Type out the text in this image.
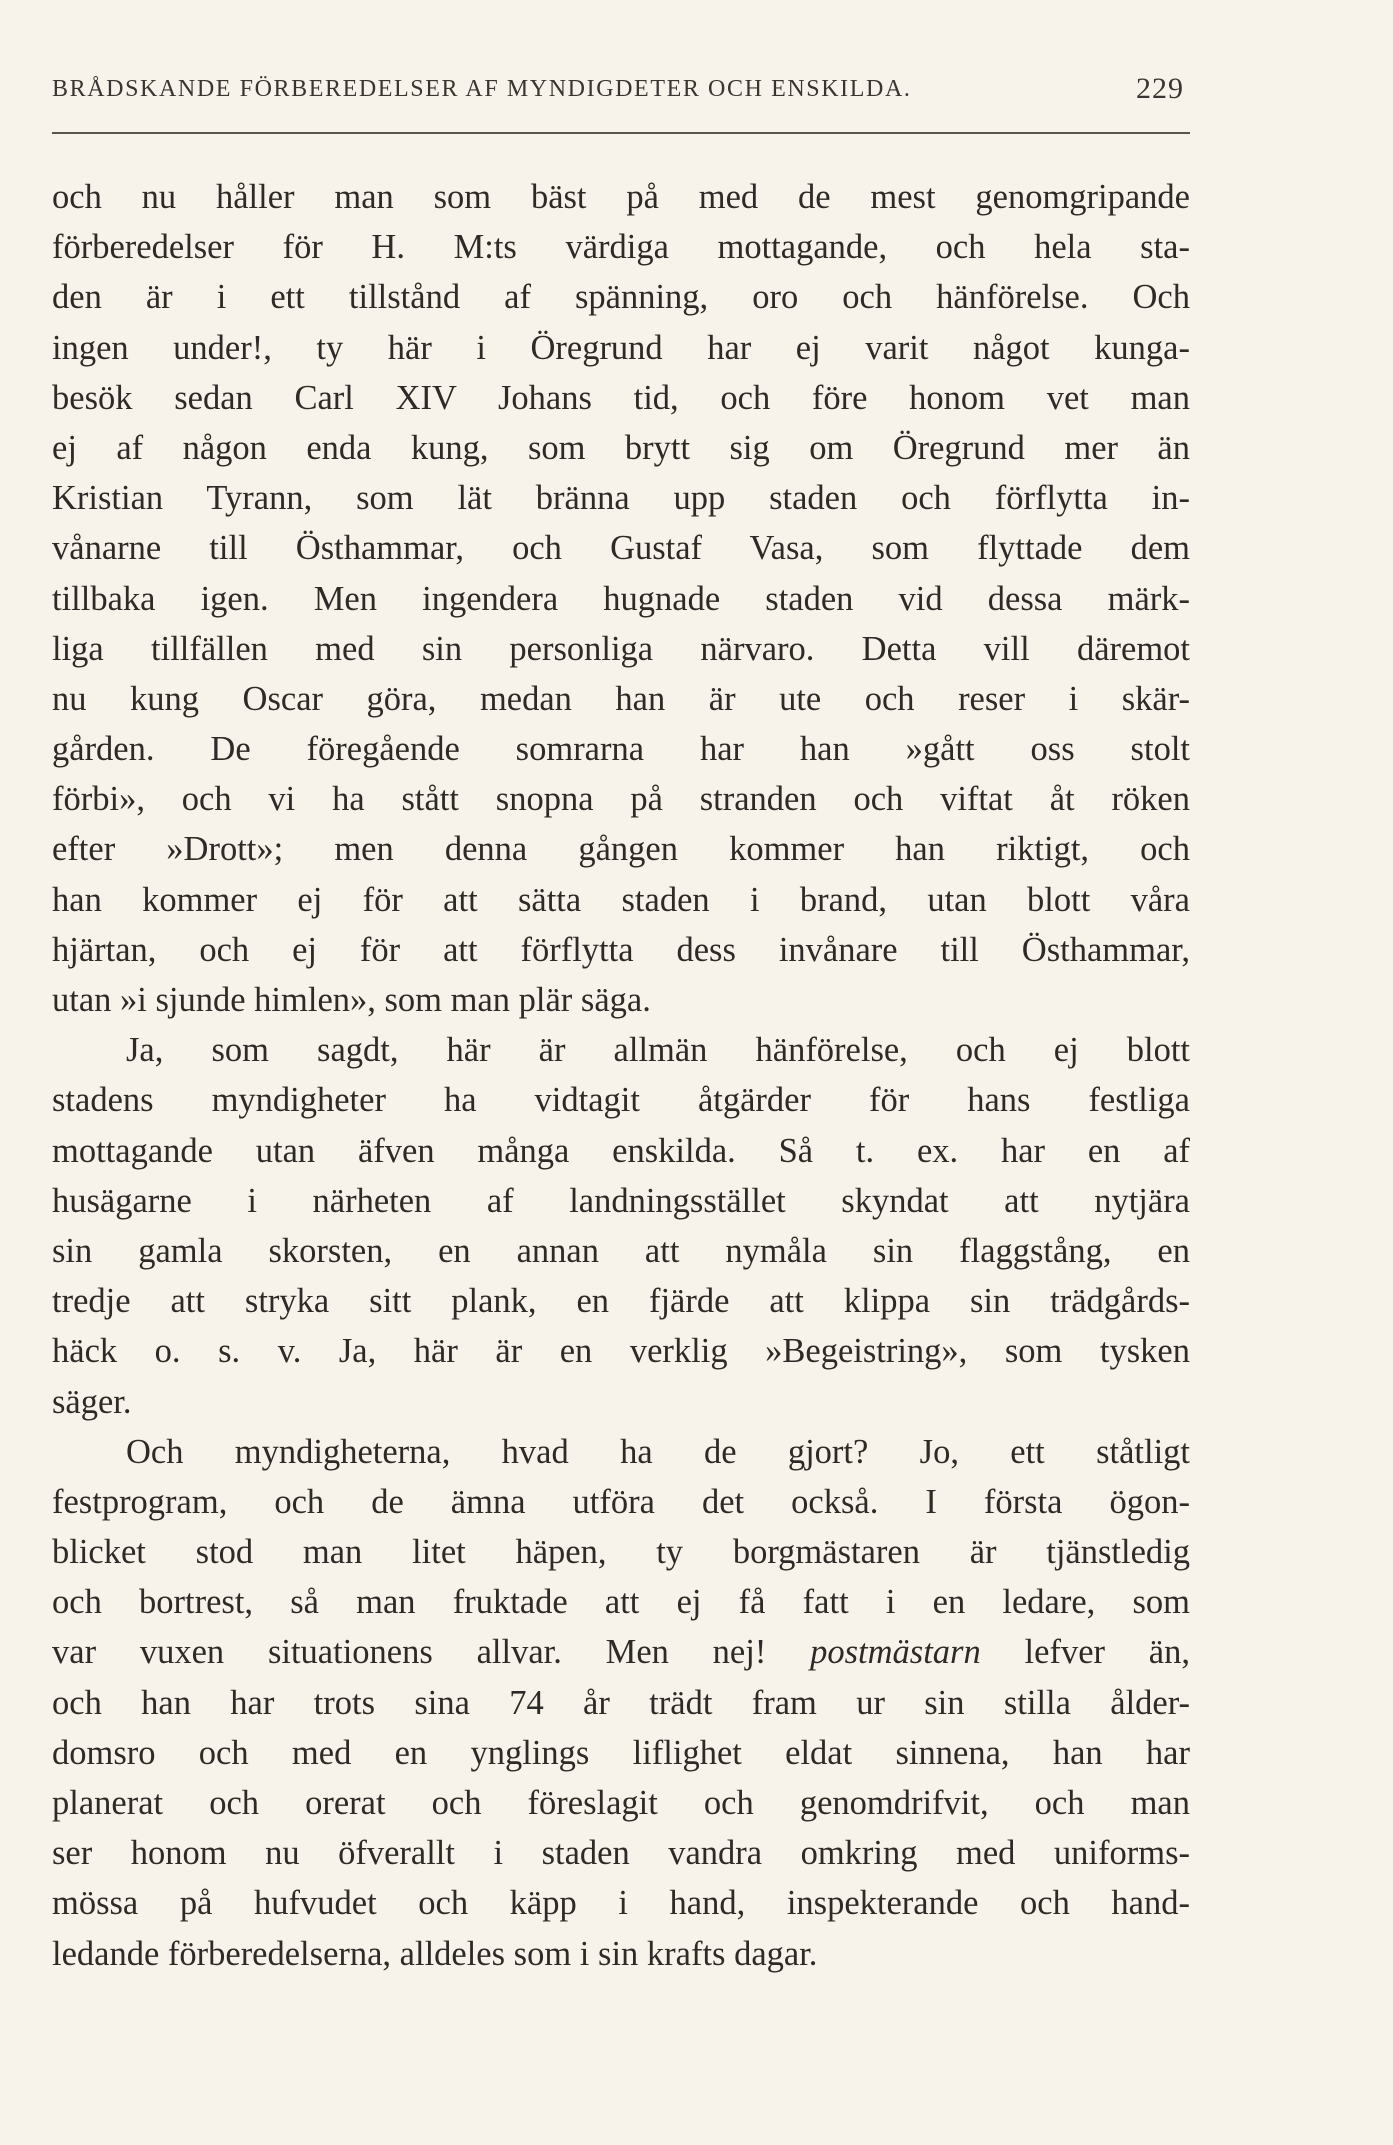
BRÅDSKANDE FÖRBEREDELSER AF MYNDIGDETER OCH ENSKILDA.	229
och nu håller man som bäst på med de mest genomgripande
förberedelser för H. M:ts värdiga mottagande, och hela sta-
den är i ett tillstånd af spänning, oro och hänförelse. Och
ingen under!, ty här i Öregrund har ej varit något kunga-
besök sedan Carl XIV Johans tid, och före honom vet man
ej af någon enda kung, som brytt sig om Öregrund mer än
Kristian Tyrann, som lät bränna upp staden och förflytta in-
vånarne till Östhammar, och Gustaf Vasa, som flyttade dem
tillbaka igen. Men ingendera hugnade staden vid dessa märk-
liga tillfällen med sin personliga närvaro. Detta vill däremot
nu kung Oscar göra, medan han är ute och reser i skär-
gården. De föregående somrarna har han »gått oss stolt
förbi», och vi ha stått snopna på stranden och viftat åt röken
efter »Drott»; men denna gången kommer han riktigt, och
han kommer ej för att sätta staden i brand, utan blott våra
hjärtan, och ej för att förflytta dess invånare till Östhammar,
utan »i sjunde himlen», som man plär säga.
Ja, som sagdt, här är allmän hänförelse, och ej blott
stadens myndigheter ha vidtagit åtgärder för hans festliga
mottagande utan äfven många enskilda. Så t. ex. har en af
husägarne i närheten af landningsstället skyndat att nytjära
sin gamla skorsten, en annan att nymåla sin flaggstång, en
tredje att stryka sitt plank, en fjärde att klippa sin trädgårds-
häck o. s. v. Ja, här är en verklig »Begeistring», som tysken
säger.
Och myndigheterna, hvad ha de gjort? Jo, ett ståtligt
festprogram, och de ämna utföra det också. I första ögon-
blicket stod man litet häpen, ty borgmästaren är tjänstledig
och bortrest, så man fruktade att ej få fatt i en ledare, som
var vuxen situationens allvar. Men nej! postmästarn lefver än,
och han har trots sina 74 år trädt fram ur sin stilla ålder-
domsro och med en ynglings liflighet eldat sinnena, han har
planerat och orerat och föreslagit och genomdrifvit, och man
ser honom nu öfverallt i staden vandra omkring med uniforms-
mössa på hufvudet och käpp i hand, inspekterande och hand-
ledande förberedelserna, alldeles som i sin krafts dagar.
